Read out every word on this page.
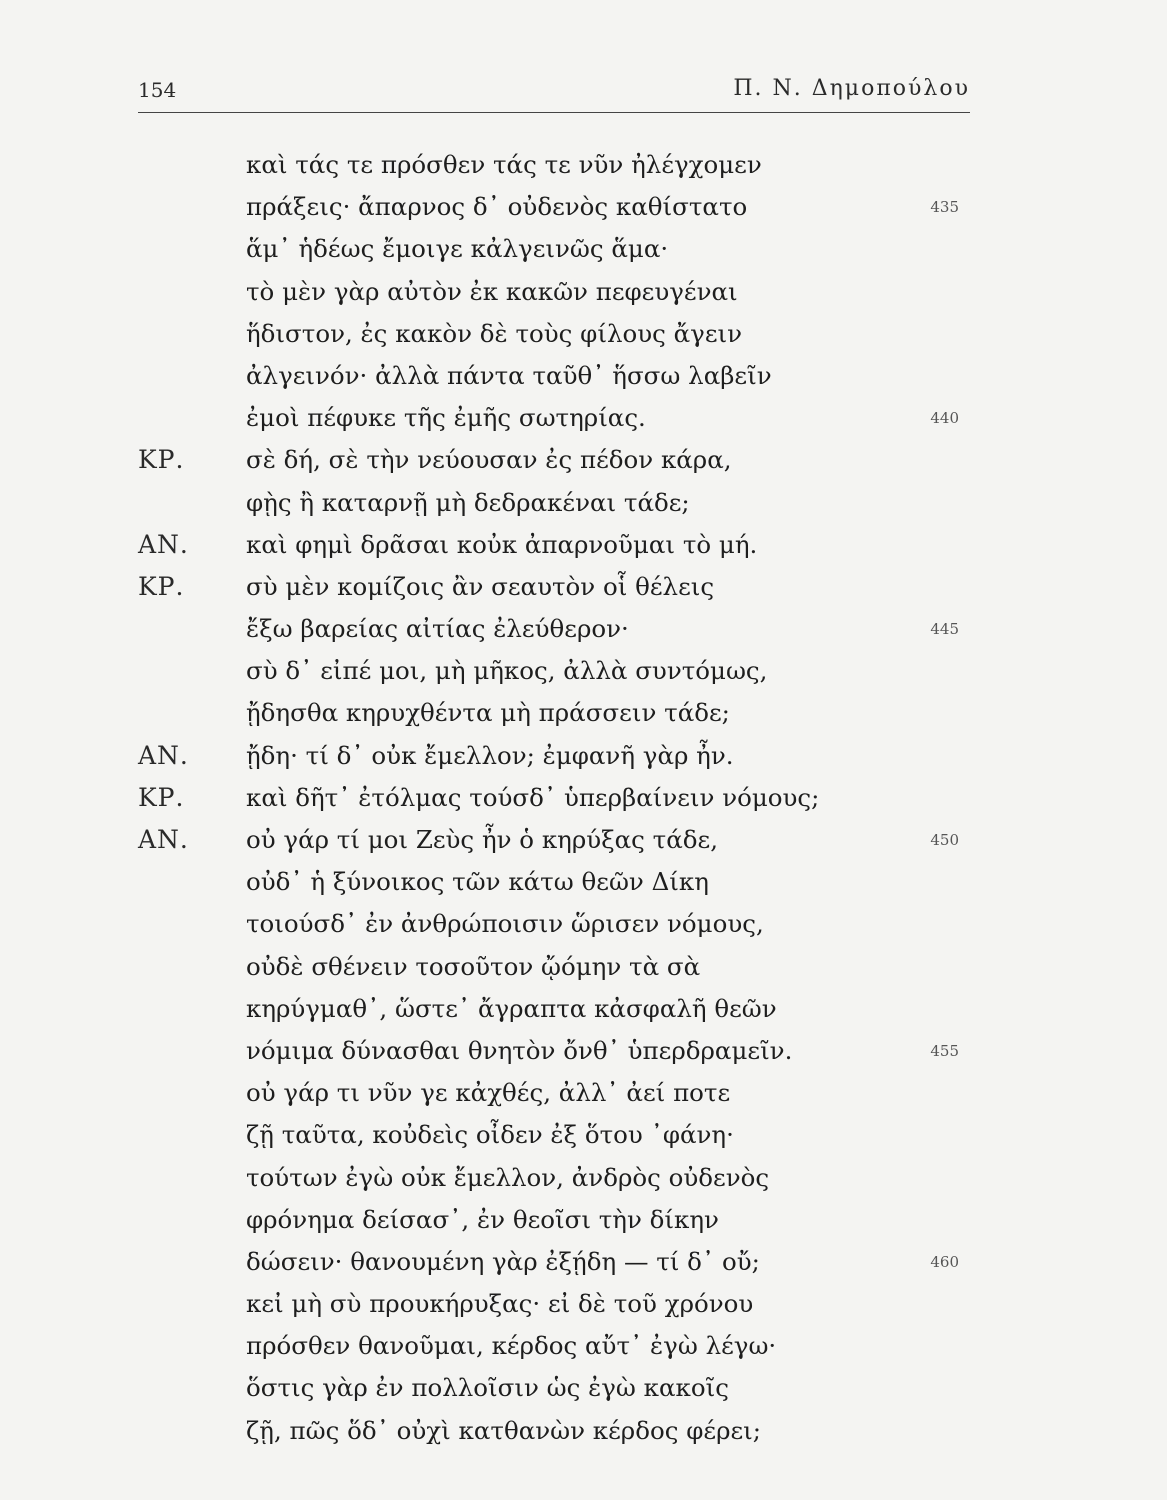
154	Π. Ν. Δημοπούλου
καὶ τάς τε πρόσθεν τάς τε νῦν ἠλέγχομεν
πράξεις· ἄπαρνος δ᾽ οὐδενὸς καθίστατο	435
ἅμ᾽ ἡδέως ἔμοιγε κἀλγεινῶς ἅμα·
τὸ μὲν γὰρ αὐτὸν ἐκ κακῶν πεφευγέναι
ἥδιστον, ἐς κακὸν δὲ τοὺς φίλους ἄγειν
ἀλγεινόν· ἀλλὰ πάντα ταῦθ᾽ ἥσσω λαβεῖν
ἐμοὶ πέφυκε τῆς ἐμῆς σωτηρίας.	440
ΚΡ.	σὲ δή, σὲ τὴν νεύουσαν ἐς πέδον κάρα,
φῂς ἢ καταρνῇ μὴ δεδρακέναι τάδε;
ΑΝ. καὶ φημὶ δρᾶσαι κοὐκ ἀπαρνοῦμαι τὸ μή.
ΚΡ.	σὺ μὲν κομίζοις ἂν σεαυτὸν οἷ θέλεις
ἔξω βαρείας αἰτίας ἐλεύθερον·	445
σὺ δ᾽ εἰπέ μοι, μὴ μῆκος, ἀλλὰ συντόμως,
ᾔδησθα κηρυχθέντα μὴ πράσσειν τάδε;
ΑΝ. ᾔδη· τί δ᾽ οὐκ ἔμελλον; ἐμφανῆ γὰρ ἦν.
ΚΡ.	καὶ δῆτ᾽ ἐτόλμας τούσδ᾽ ὑπερβαίνειν νόμους;
ΑΝ. οὐ γάρ τί μοι Ζεὺς ἦν ὁ κηρύξας τάδε,	450
οὐδ᾽ ἡ ξύνοικος τῶν κάτω θεῶν Δίκη
τοιούσδ᾽ ἐν ἀνθρώποισιν ὥρισεν νόμους,
οὐδὲ σθένειν τοσοῦτον ᾤόμην τὰ σὰ
κηρύγμαθ᾽, ὥστε᾽ ἄγραπτα κἀσφαλῆ θεῶν
νόμιμα δύνασθαι θνητὸν ὄνθ᾽ ὑπερδραμεῖν.	455
οὐ γάρ τι νῦν γε κἀχθές, ἀλλ᾽ ἀεί ποτε
ζῇ ταῦτα, κοὐδεὶς οἶδεν ἐξ ὅτου ᾽φάνη·
τούτων ἐγὼ οὐκ ἔμελλον, ἀνδρὸς οὐδενὸς
φρόνημα δείσασ᾽, ἐν θεοῖσι τὴν δίκην
δώσειν· θανουμένη γὰρ ἐξῄδη — τί δ᾽ οὔ;	460
κεἰ μὴ σὺ προυκήρυξας· εἰ δὲ τοῦ χρόνου
πρόσθεν θανοῦμαι, κέρδος αὔτ᾽ ἐγὼ λέγω·
ὅστις γὰρ ἐν πολλοῖσιν ὡς ἐγὼ κακοῖς
ζῇ, πῶς ὅδ᾽ οὐχὶ κατθανὼν κέρδος φέρει;
